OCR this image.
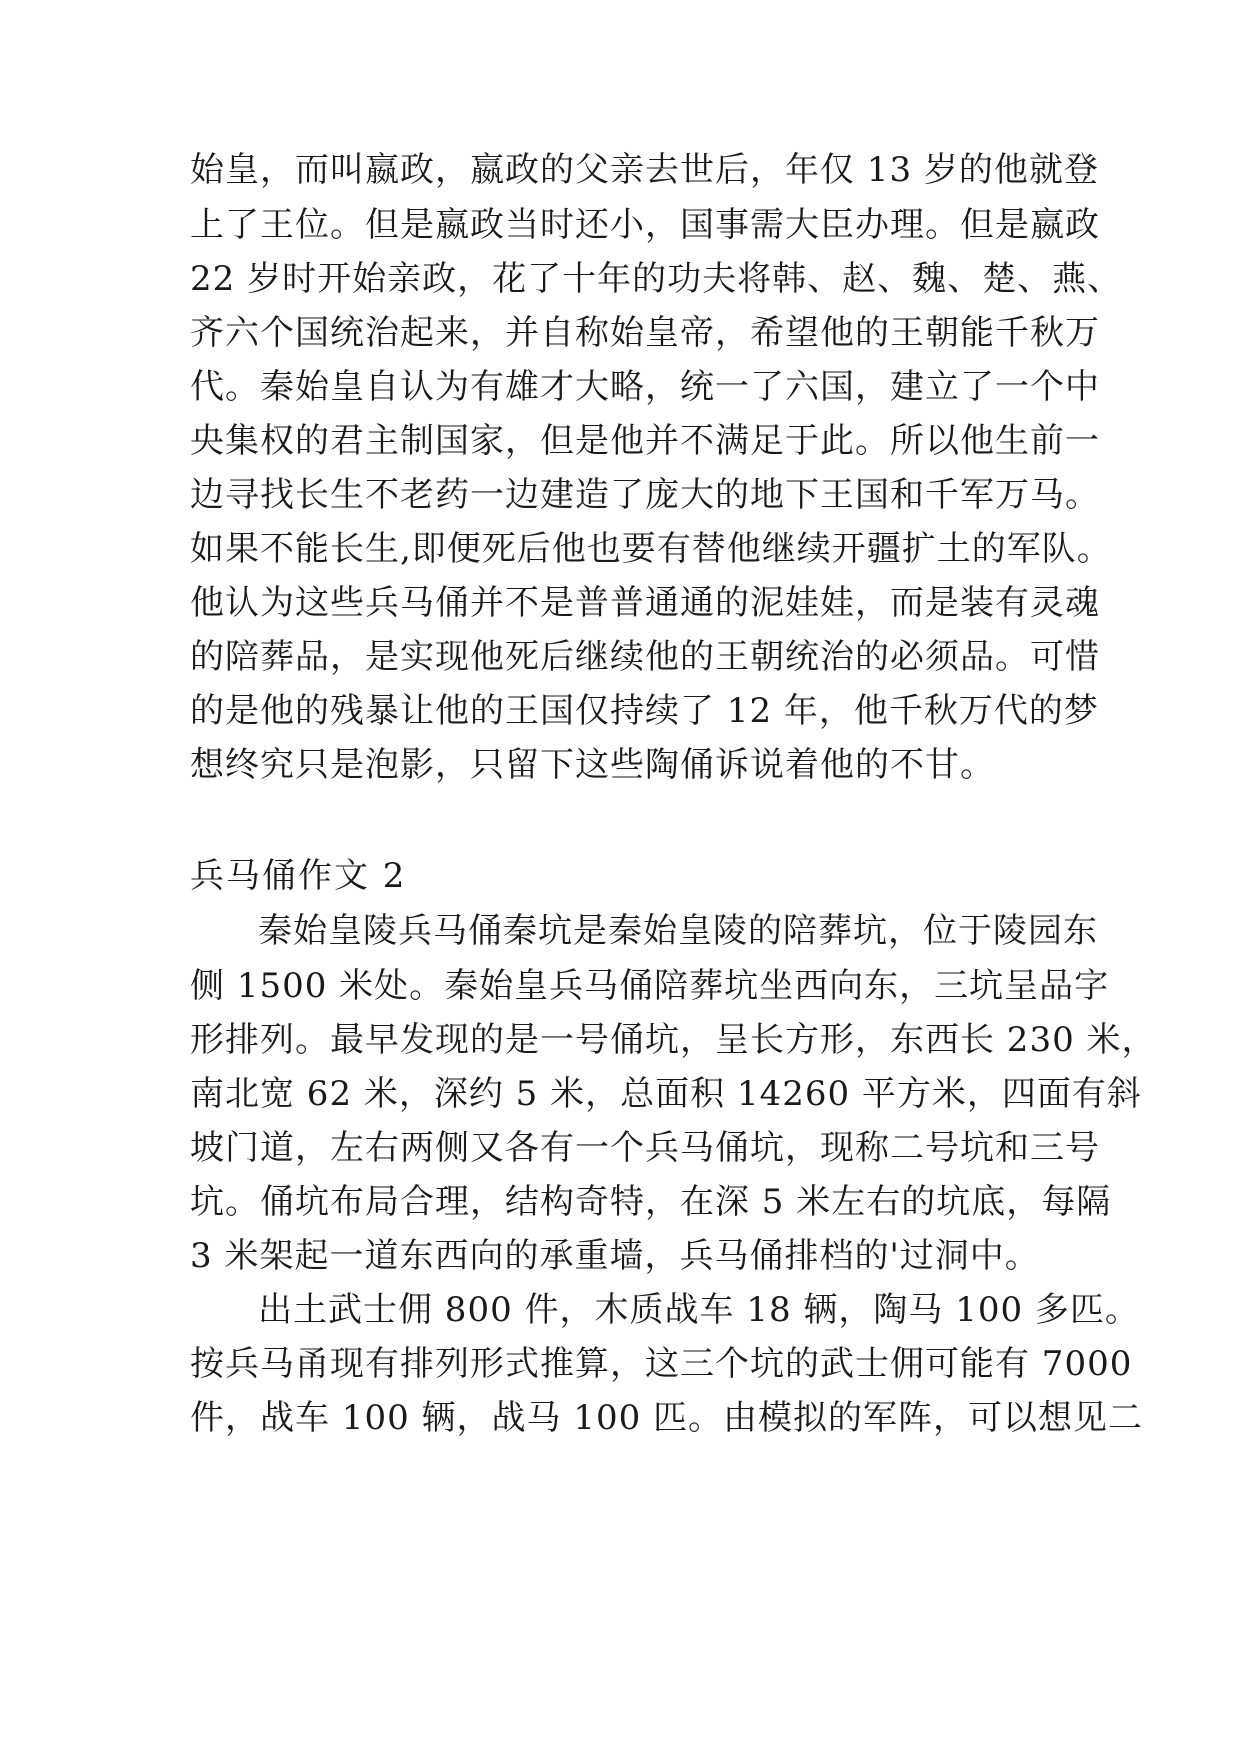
始皇，而叫嬴政，嬴政的父亲去世后，年仅 13 岁的他就登
上了王位。但是嬴政当时还小，国事需大臣办理。但是嬴政
22 岁时开始亲政，花了十年的功夫将韩、赵、魏、楚、燕、
齐六个国统治起来，并自称始皇帝，希望他的王朝能千秋万
代。秦始皇自认为有雄才大略，统一了六国，建立了一个中
央集权的君主制国家，但是他并不满足于此。所以他生前一
边寻找长生不老药一边建造了庞大的地下王国和千军万马。
如果不能长生,即便死后他也要有替他继续开疆扩土的军队。
他认为这些兵马俑并不是普普通通的泥娃娃，而是装有灵魂
的陪葬品，是实现他死后继续他的王朝统治的必须品。可惜
的是他的残暴让他的王国仅持续了 12 年，他千秋万代的梦
想终究只是泡影，只留下这些陶俑诉说着他的不甘。
兵马俑作文 2
秦始皇陵兵马俑秦坑是秦始皇陵的陪葬坑，位于陵园东
侧 1500 米处。秦始皇兵马俑陪葬坑坐西向东，三坑呈品字
形排列。最早发现的是一号俑坑，呈长方形，东西长 230 米，
南北宽 62 米，深约 5 米，总面积 14260 平方米，四面有斜
坡门道，左右两侧又各有一个兵马俑坑，现称二号坑和三号
坑。俑坑布局合理，结构奇特，在深 5 米左右的坑底，每隔
3 米架起一道东西向的承重墙，兵马俑排档的'过洞中。
出土武士佣 800 件，木质战车 18 辆，陶马 100 多匹。
按兵马甬现有排列形式推算，这三个坑的武士佣可能有 7000
件，战车 100 辆，战马 100 匹。由模拟的军阵，可以想见二
